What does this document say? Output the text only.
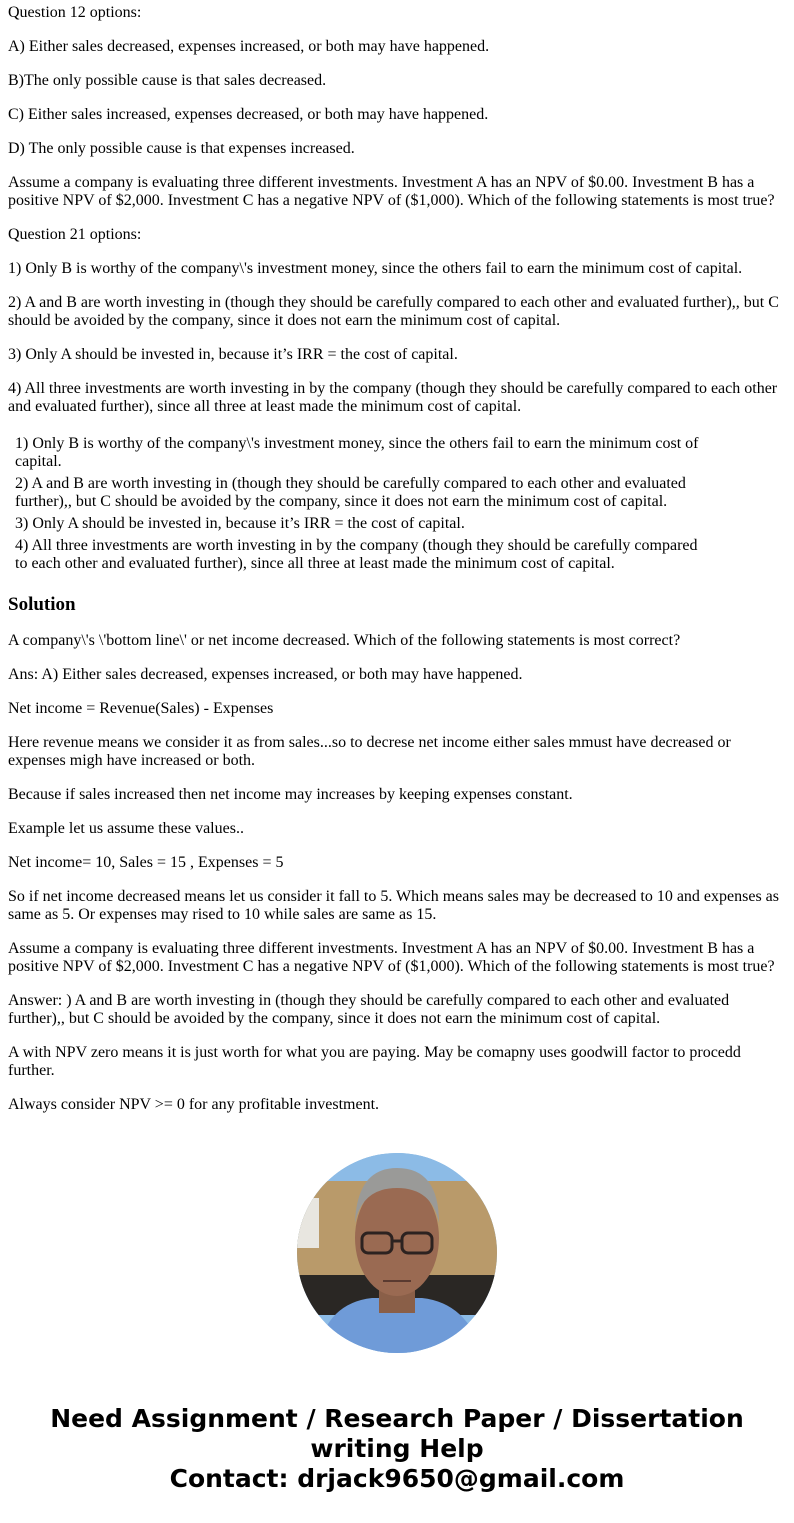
Question 12 options:

A) Either sales decreased, expenses increased, or both may have happened.

B)The only possible cause is that sales decreased.

C) Either sales increased, expenses decreased, or both may have happened.

D) The only possible cause is that expenses increased.

Assume a company is evaluating three different investments. Investment A has an NPV of $0.00. Investment B has a positive NPV of $2,000. Investment C has a negative NPV of ($1,000). Which of the following statements is most true?

Question 21 options:

1) Only B is worthy of the company\'s investment money, since the others fail to earn the minimum cost of capital.

2) A and B are worth investing in (though they should be carefully compared to each other and evaluated further),, but C should be avoided by the company, since it does not earn the minimum cost of capital.

3) Only A should be invested in, because it’s IRR = the cost of capital.

4) All three investments are worth investing in by the company (though they should be carefully compared to each other and evaluated further), since all three at least made the minimum cost of capital.

1) Only B is worthy of the company\'s investment money, since the others fail to earn the minimum cost of capital.
2) A and B are worth investing in (though they should be carefully compared to each other and evaluated further),, but C should be avoided by the company, since it does not earn the minimum cost of capital.
3) Only A should be invested in, because it’s IRR = the cost of capital.
4) All three investments are worth investing in by the company (though they should be carefully compared to each other and evaluated further), since all three at least made the minimum cost of capital.
Solution

A company\'s \'bottom line\' or net income decreased. Which of the following statements is most correct?

Ans: A) Either sales decreased, expenses increased, or both may have happened.

Net income = Revenue(Sales) - Expenses

Here revenue means we consider it as from sales...so to decrese net income either sales mmust have decreased or expenses migh have increased or both.

Because if sales increased then net income may increases by keeping expenses constant.

Example let us assume these values..

Net income= 10, Sales = 15 , Expenses = 5

So if net income decreased means let us consider it fall to 5. Which means sales may be decreased to 10 and expenses as same as 5. Or expenses may rised to 10 while sales are same as 15.

Assume a company is evaluating three different investments. Investment A has an NPV of $0.00. Investment B has a positive NPV of $2,000. Investment C has a negative NPV of ($1,000). Which of the following statements is most true?

Answer: ) A and B are worth investing in (though they should be carefully compared to each other and evaluated further),, but C should be avoided by the company, since it does not earn the minimum cost of capital.

A with NPV zero means it is just worth for what you are paying. May be comapny uses goodwill factor to procedd further.

Always consider NPV >= 0 for any profitable investment.

Need Assignment / Research Paper / Dissertation writing Help
Contact: drjack9650@gmail.com
